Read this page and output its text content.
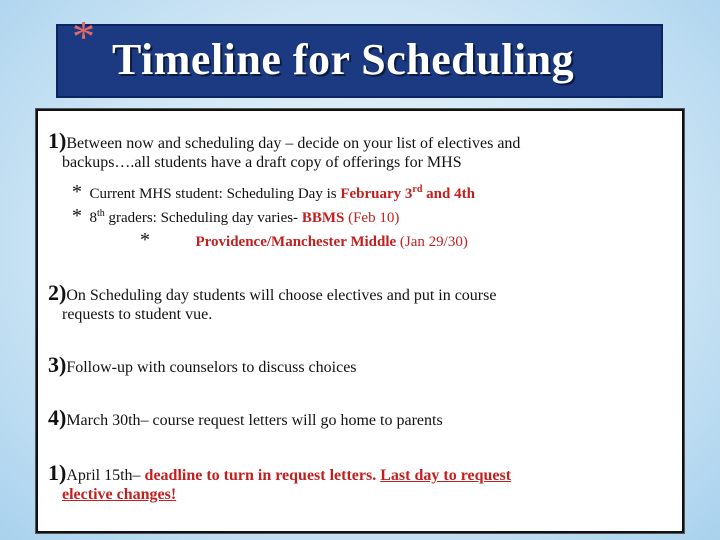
* Timeline for Scheduling
1)Between now and scheduling day – decide on your list of electives and
backups….all students have a draft copy of offerings for MHS
* Current MHS student: Scheduling Day is February 3rd and 4th
* 8th graders: Scheduling day varies- BBMS (Feb 10)
*	Providence/Manchester Middle (Jan 29/30)
2)On Scheduling day students will choose electives and put in course
requests to student vue.
3)Follow-up with counselors to discuss choices
4)March 30th– course request letters will go home to parents
1)April 15th– deadline to turn in request letters. Last day to request
elective changes!
